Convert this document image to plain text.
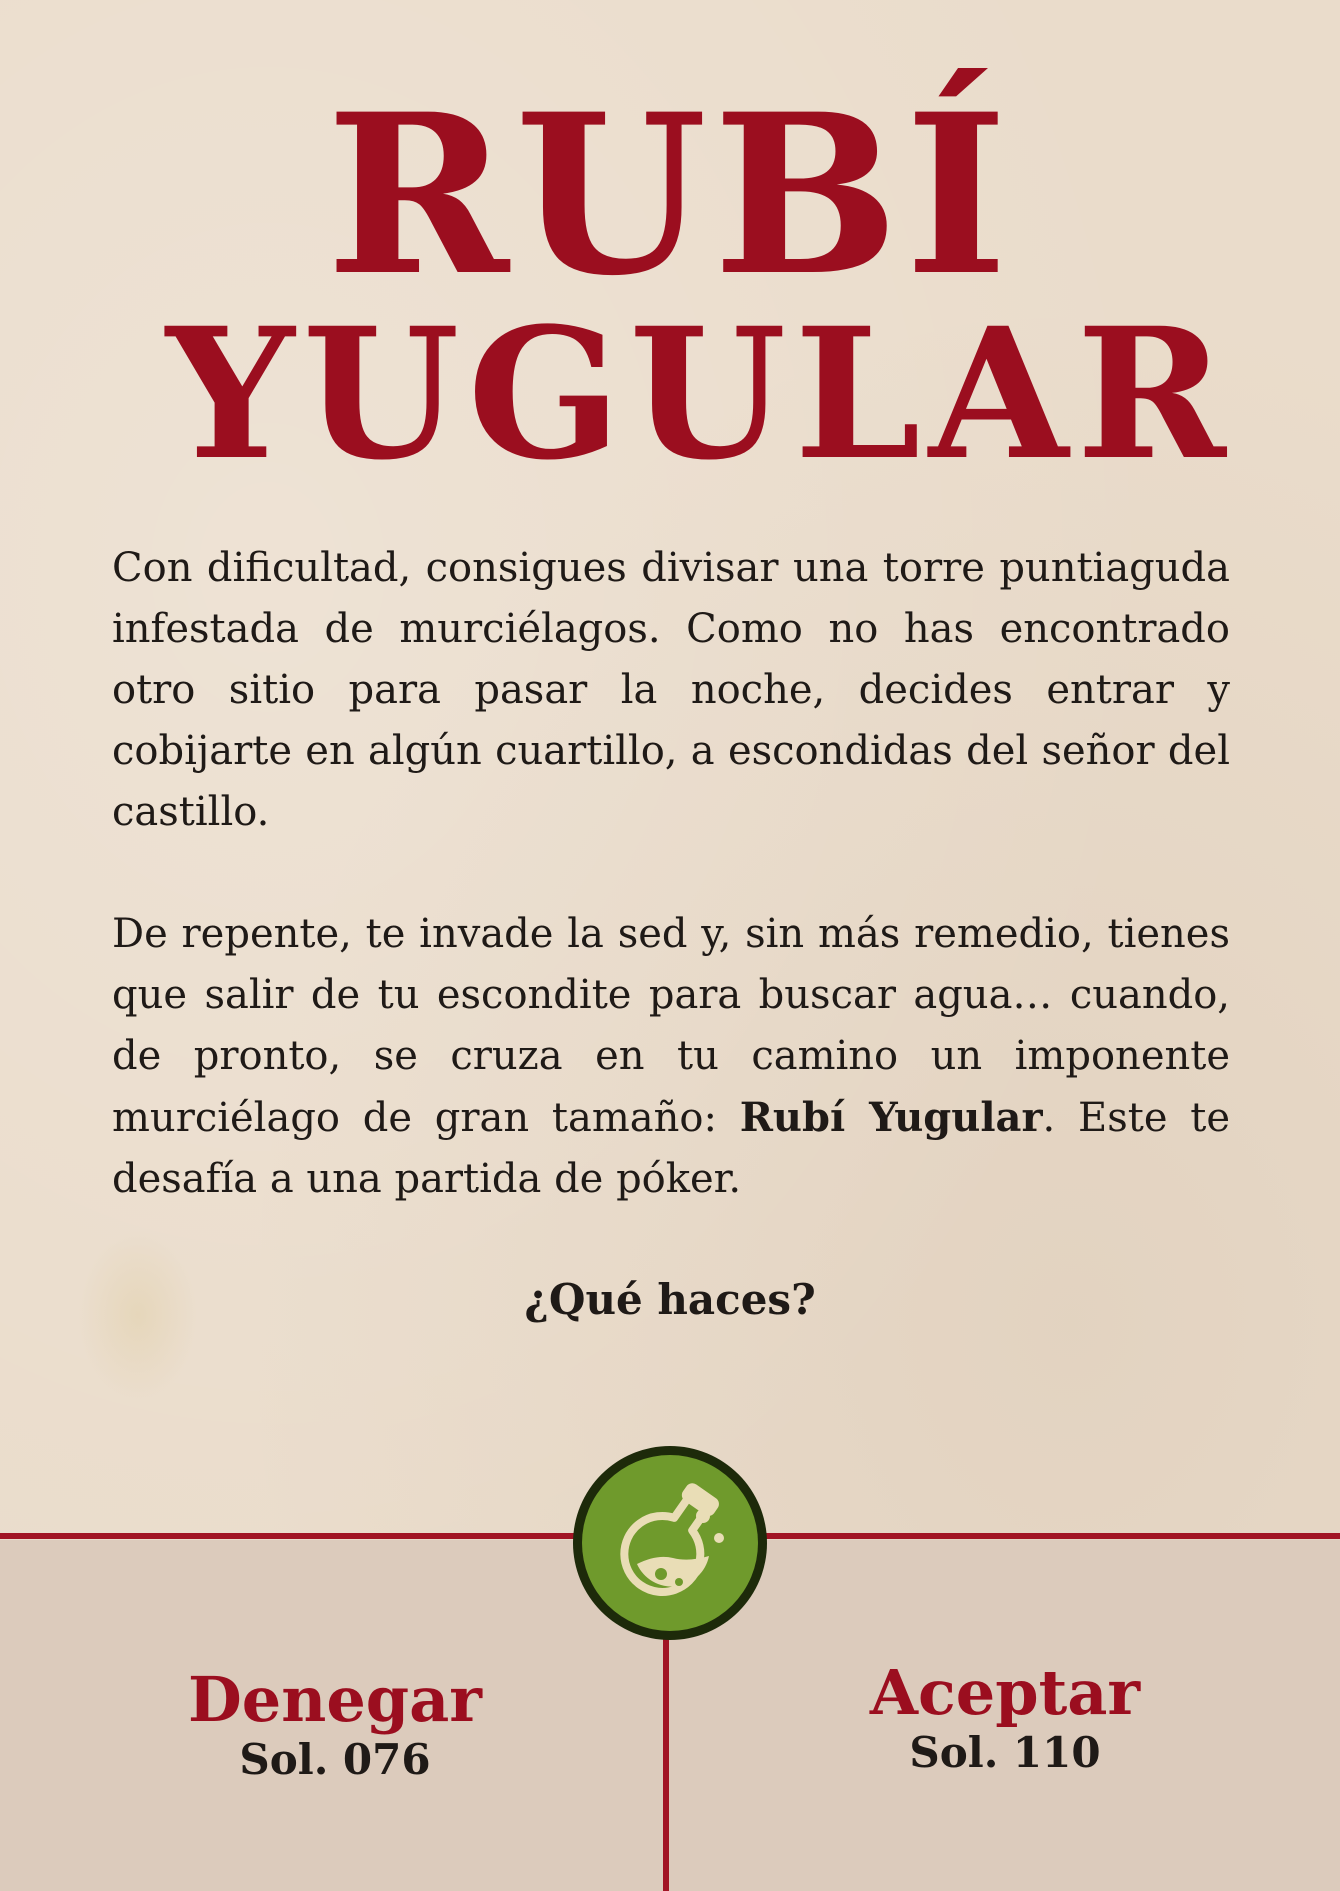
RUBÍ
YUGULAR

Con dificultad, consigues divisar una torre puntiaguda infestada de murciélagos. Como no has encontrado otro sitio para pasar la noche, decides entrar y cobijarte en algún cuartillo, a escondidas del señor del castillo.

De repente, te invade la sed y, sin más remedio, tienes que salir de tu escondite para buscar agua… cuando, de pronto, se cruza en tu camino un imponente murciélago de gran tamaño: Rubí Yugular. Este te desafía a una partida de póker.

¿Qué haces?
Denegar
Sol. 076
Aceptar
Sol. 110
